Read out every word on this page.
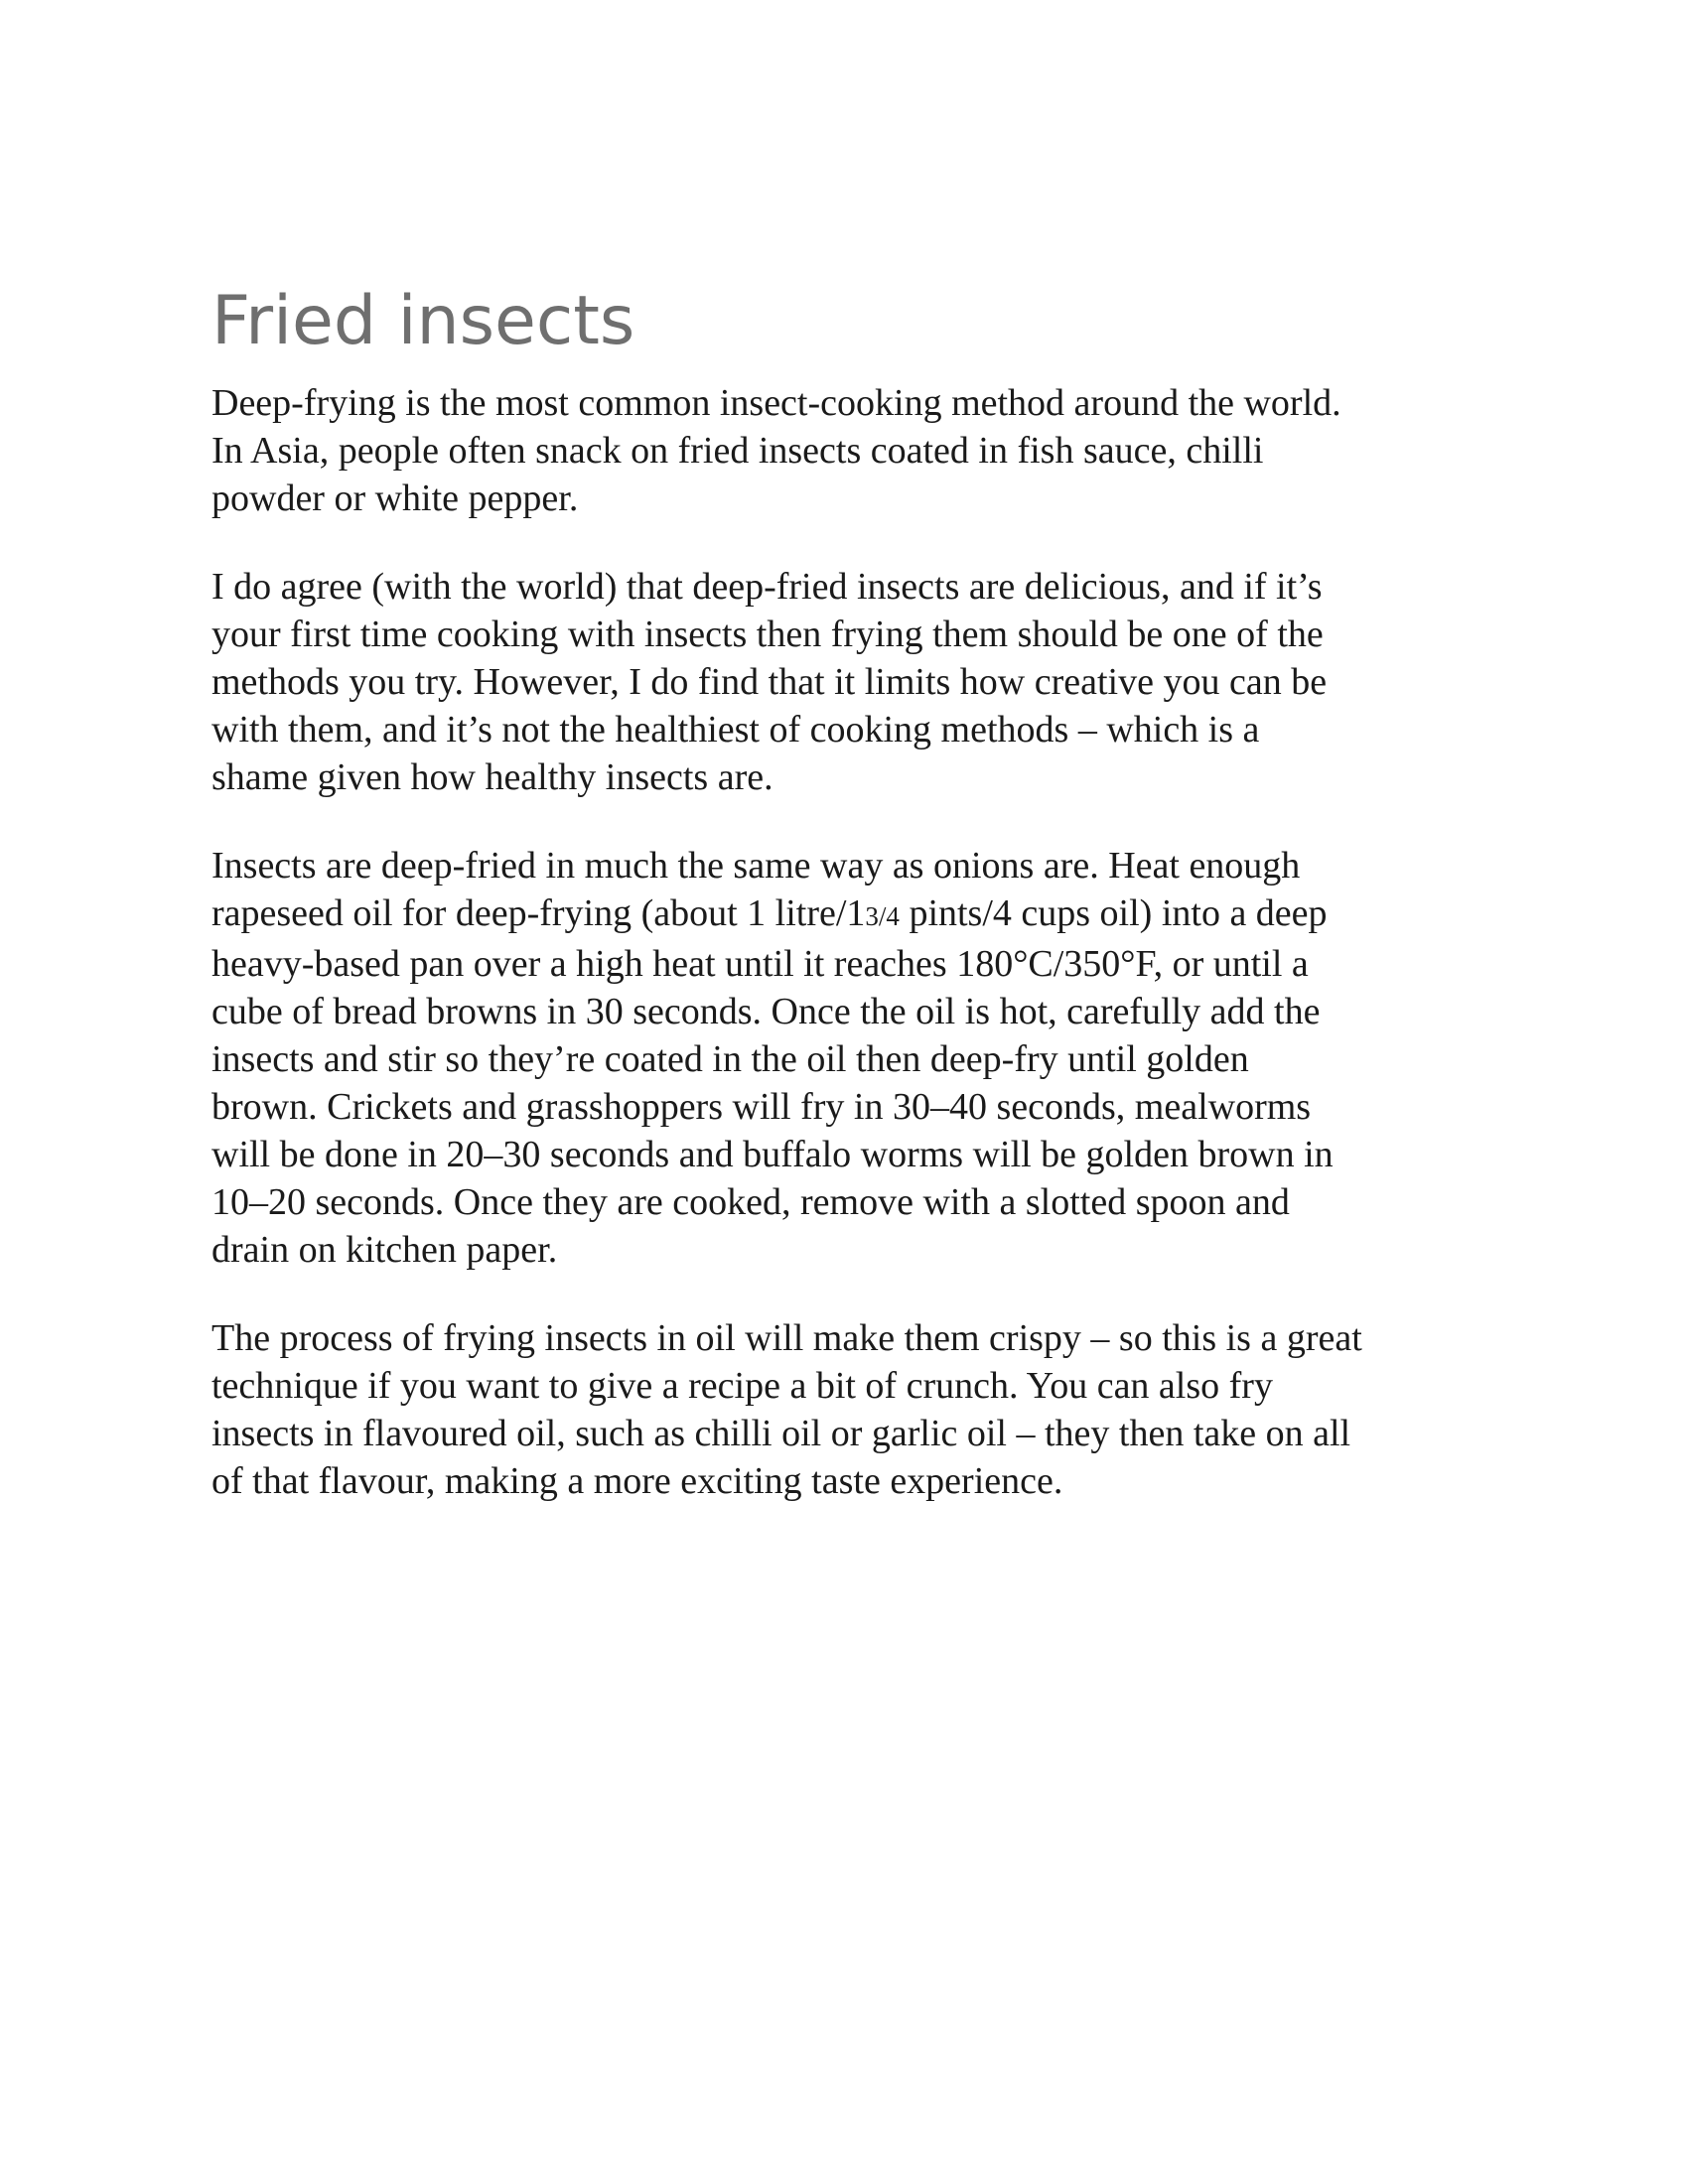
Fried insects

Deep-frying is the most common insect-cooking method around the world.
In Asia, people often snack on fried insects coated in fish sauce, chilli
powder or white pepper.

I do agree (with the world) that deep-fried insects are delicious, and if it’s
your first time cooking with insects then frying them should be one of the
methods you try. However, I do find that it limits how creative you can be
with them, and it’s not the healthiest of cooking methods – which is a
shame given how healthy insects are.

Insects are deep-fried in much the same way as onions are. Heat enough
rapeseed oil for deep-frying (about 1 litre/13/4 pints/4 cups oil) into a deep
heavy-based pan over a high heat until it reaches 180°C/350°F, or until a
cube of bread browns in 30 seconds. Once the oil is hot, carefully add the
insects and stir so they’re coated in the oil then deep-fry until golden
brown. Crickets and grasshoppers will fry in 30–40 seconds, mealworms
will be done in 20–30 seconds and buffalo worms will be golden brown in
10–20 seconds. Once they are cooked, remove with a slotted spoon and
drain on kitchen paper.

The process of frying insects in oil will make them crispy – so this is a great
technique if you want to give a recipe a bit of crunch. You can also fry
insects in flavoured oil, such as chilli oil or garlic oil – they then take on all
of that flavour, making a more exciting taste experience.
